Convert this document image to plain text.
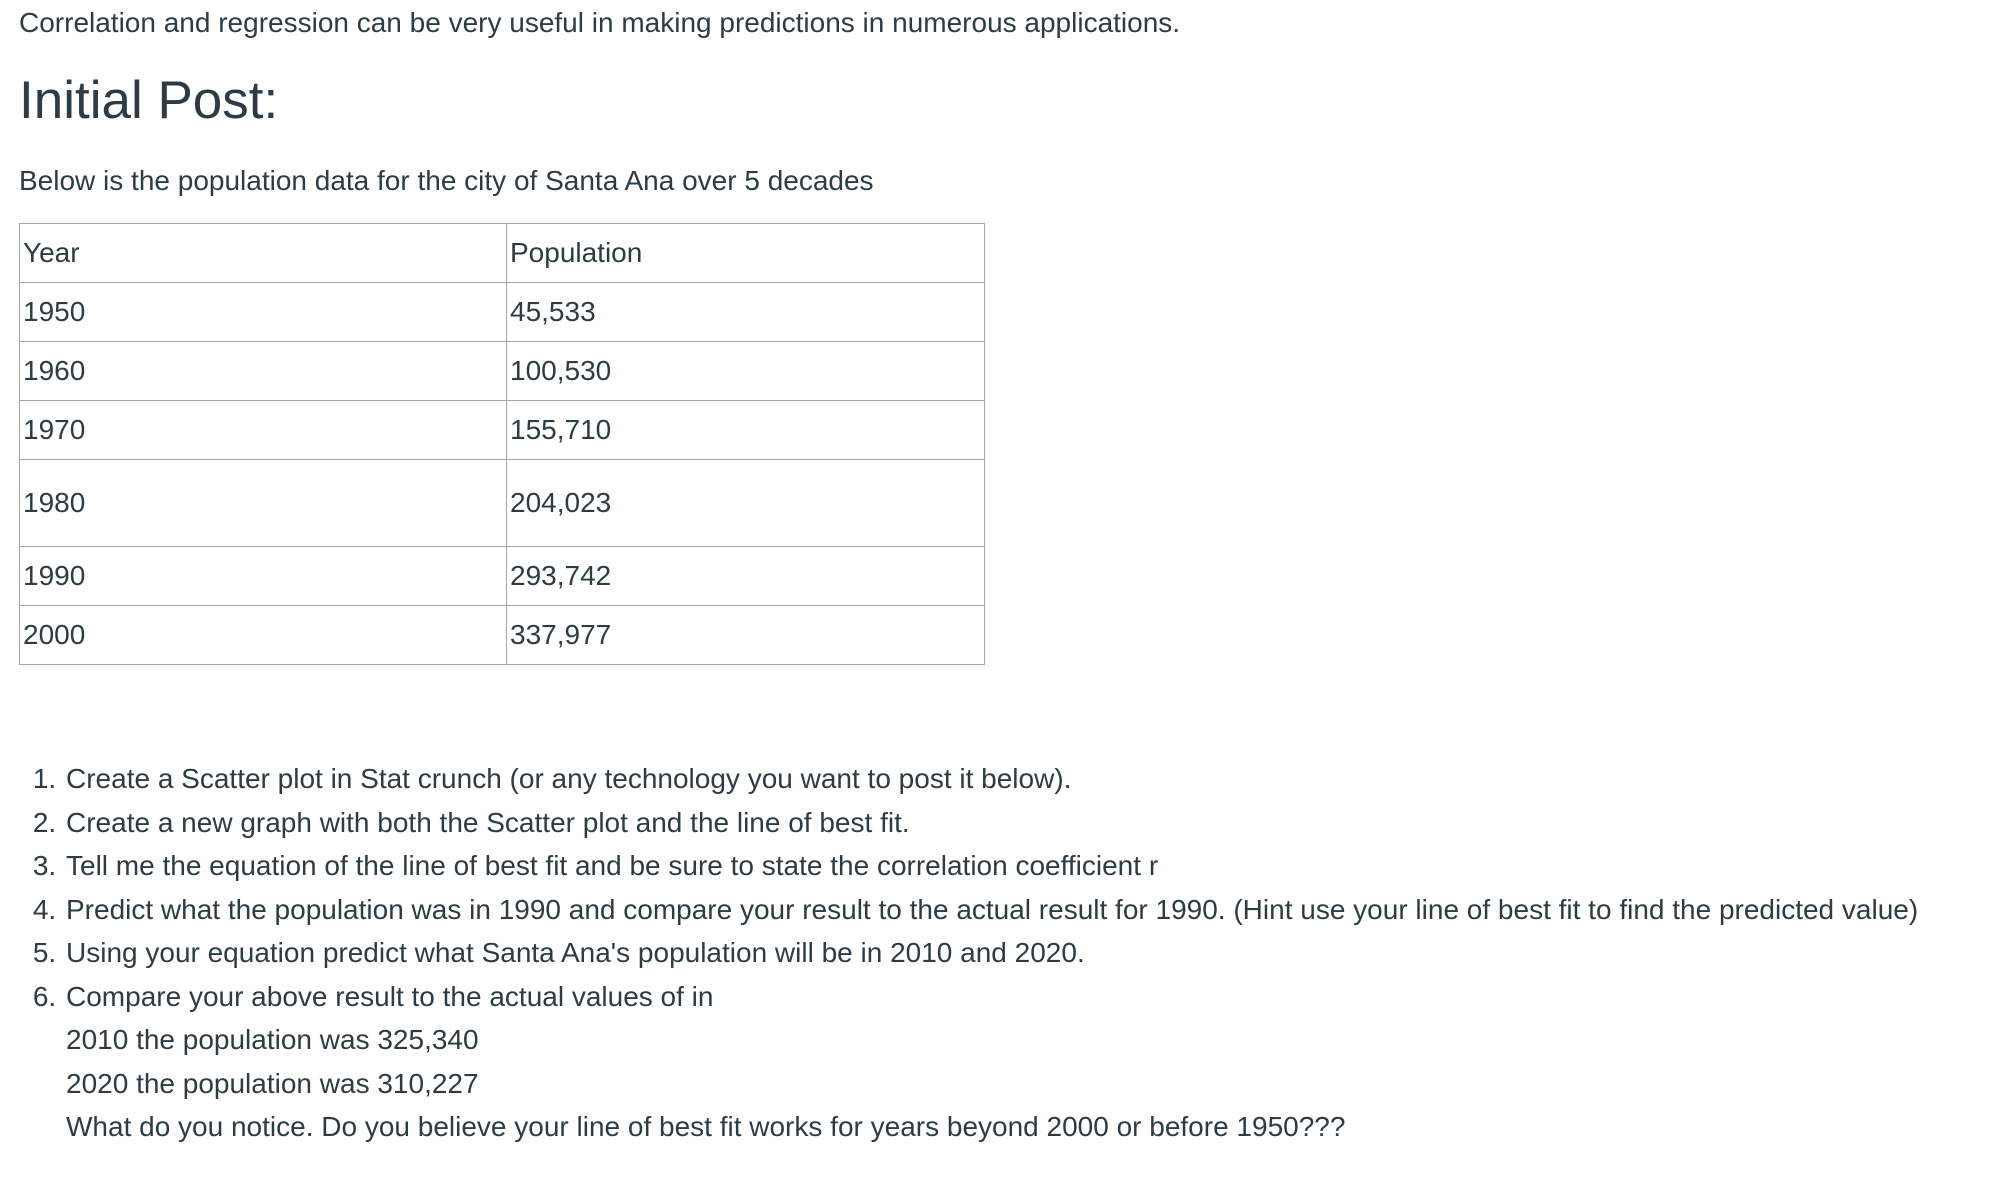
Correlation and regression can be very useful in making predictions in numerous applications.

Initial Post:

Below is the population data for the city of Santa Ana over 5 decades

Year	Population
1950	45,533
1960	100,530
1970	155,710
1980	204,023
1990	293,742
2000	337,977
1. Create a Scatter plot in Stat crunch (or any technology you want to post it below).
2. Create a new graph with both the Scatter plot and the line of best fit.
3. Tell me the equation of the line of best fit and be sure to state the correlation coefficient r
4. Predict what the population was in 1990 and compare your result to the actual result for 1990. (Hint use your line of best fit to find the predicted value)
5. Using your equation predict what Santa Ana's population will be in 2010 and 2020.
6. Compare your above result to the actual values of in
2010 the population was 325,340
2020 the population was 310,227
What do you notice. Do you believe your line of best fit works for years beyond 2000 or before 1950???
